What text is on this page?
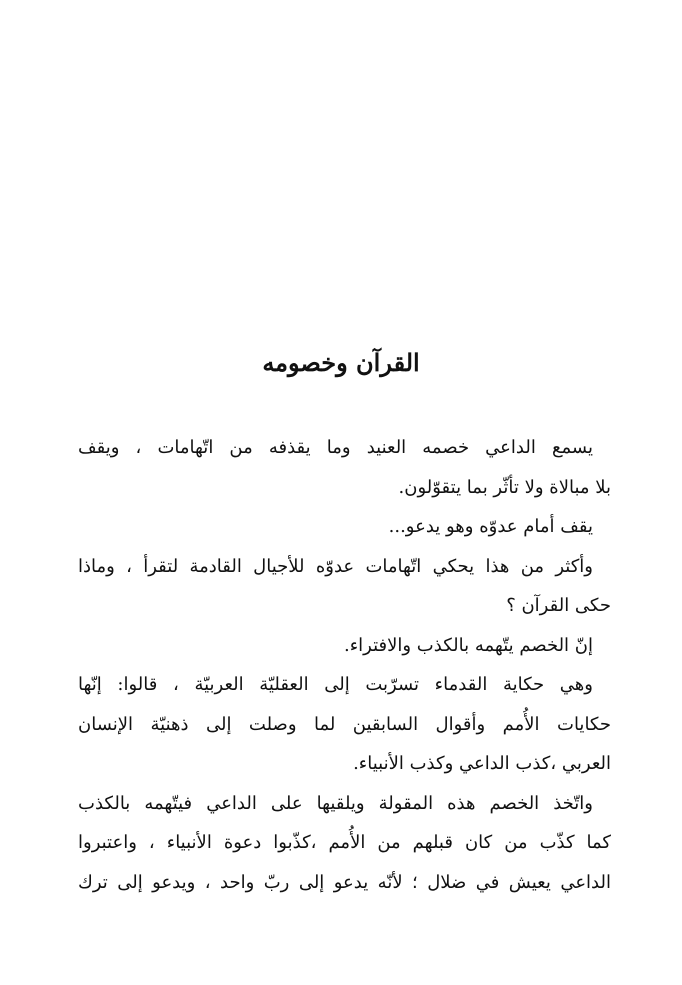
القرآن وخصومه
يسمع الداعي خصمه العنيد وما يقذفه من اتّهامات ، ويقف
بلا مبالاة ولا تأثّر بما يتقوّلون.
يقف أمام عدوّه وهو يدعو...
وأكثر من هذا يحكي اتّهامات عدوّه للأجيال القادمة لتقرأ ، وماذا
حكى القرآن ؟
إنّ الخصم يتّهمه بالكذب والافتراء.
وهي حكاية القدماء تسرّبت إلى العقليّة العربيّة ، قالوا: إنّها
حكايات الأُمم وأقوال السابقين لما وصلت إلى ذهنيّة الإنسان
العربي ،كذب الداعي وكذب الأنبياء.
واتّخذ الخصم هذه المقولة ويلقيها على الداعي فيتّهمه بالكذب
كما كذّب من كان قبلهم من الأُمم ،كذّبوا دعوة الأنبياء ، واعتبروا
الداعي يعيش في ضلال ؛ لأنّه يدعو إلى ربّ واحد ، ويدعو إلى ترك
